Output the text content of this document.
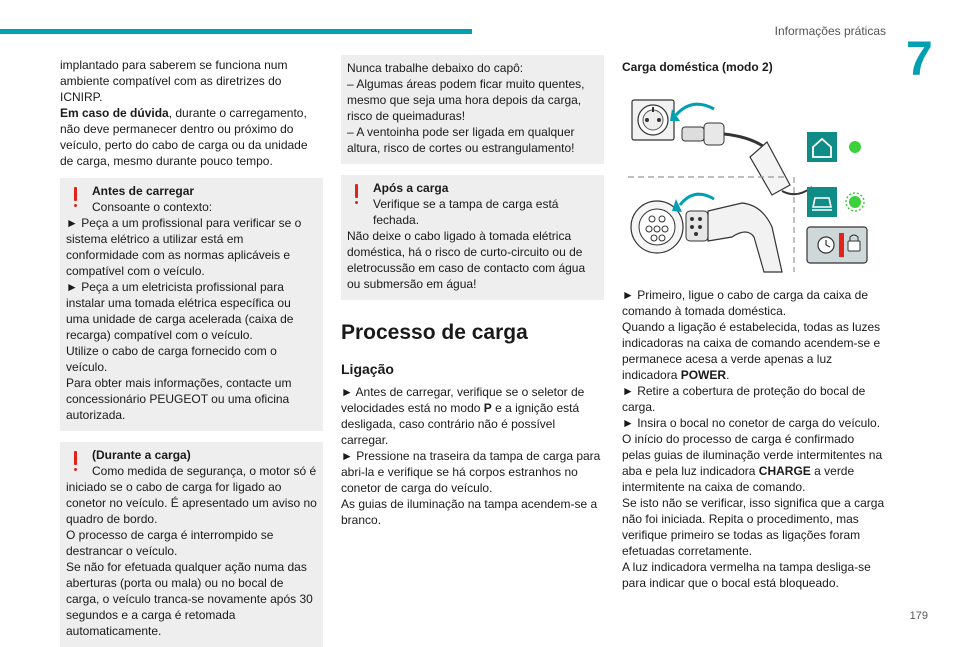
Informações práticas
7
179

implantado para saberem se funciona num ambiente compatível com as diretrizes do ICNIRP.

Em caso de dúvida, durante o carregamento, não deve permanecer dentro ou próximo do veículo, perto do cabo de carga ou da unidade de carga, mesmo durante pouco tempo.

Antes de carregar
Consoante o contexto:
► Peça a um profissional para verificar se o sistema elétrico a utilizar está em conformidade com as normas aplicáveis e compatível com o veículo.
► Peça a um eletricista profissional para instalar uma tomada elétrica específica ou uma unidade de carga acelerada (caixa de recarga) compatível com o veículo.
Utilize o cabo de carga fornecido com o veículo.
Para obter mais informações, contacte um concessionário PEUGEOT ou uma oficina autorizada.
(Durante a carga)
Como medida de segurança, o motor só é
iniciado se o cabo de carga for ligado ao conetor no veículo. É apresentado um aviso no quadro de bordo.
O processo de carga é interrompido se destrancar o veículo.
Se não for efetuada qualquer ação numa das aberturas (porta ou mala) ou no bocal de carga, o veículo tranca-se novamente após 30 segundos e a carga é retomada automaticamente.
Nunca trabalhe debaixo do capô:
– Algumas áreas podem ficar muito quentes, mesmo que seja uma hora depois da carga, risco de queimaduras!
– A ventoinha pode ser ligada em qualquer altura, risco de cortes ou estrangulamento!
Após a carga
Verifique se a tampa de carga está fechada.
Não deixe o cabo ligado à tomada elétrica doméstica, há o risco de curto-circuito ou de eletrocussão em caso de contacto com água ou submersão em água!
Processo de carga
Ligação

► Antes de carregar, verifique se o seletor de velocidades está no modo P e a ignição está desligada, caso contrário não é possível carregar.

► Pressione na traseira da tampa de carga para abri-la e verifique se há corpos estranhos no conetor de carga do veículo.
As guias de iluminação na tampa acendem-se a branco.

Carga doméstica (modo 2)

► Primeiro, ligue o cabo de carga da caixa de comando à tomada doméstica.
Quando a ligação é estabelecida, todas as luzes indicadoras na caixa de comando acendem-se e permanece acesa a verde apenas a luz indicadora POWER.

► Retire a cobertura de proteção do bocal de carga.
► Insira o bocal no conetor de carga do veículo.
O início do processo de carga é confirmado pelas guias de iluminação verde intermitentes na aba e pela luz indicadora CHARGE a verde intermitente na caixa de comando.
Se isto não se verificar, isso significa que a carga não foi iniciada. Repita o procedimento, mas verifique primeiro se todas as ligações foram efetuadas corretamente.
A luz indicadora vermelha na tampa desliga-se para indicar que o bocal está bloqueado.
